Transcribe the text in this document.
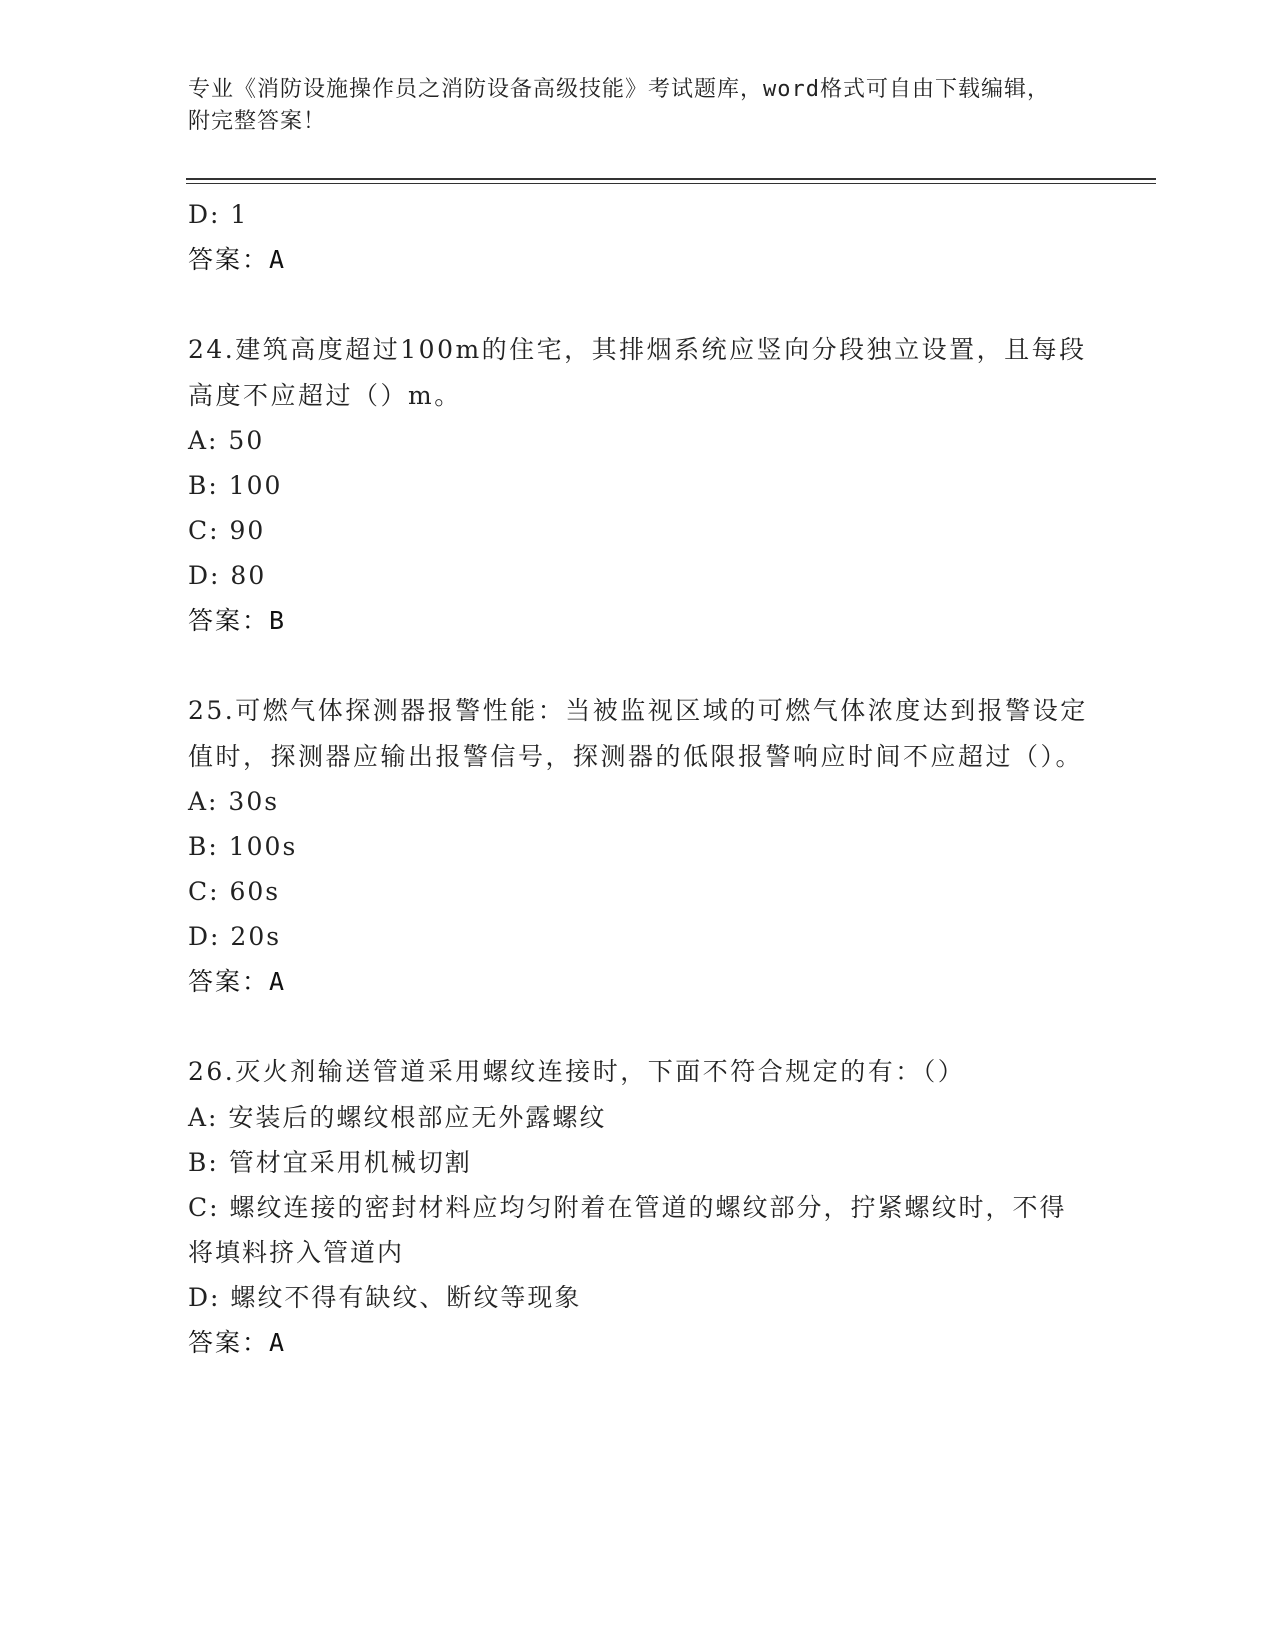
专业《消防设施操作员之消防设备高级技能》考试题库，word格式可自由下载编辑，附完整答案！
D: 1
答案：A
24.建筑高度超过100m的住宅，其排烟系统应竖向分段独立设置，且每段高度不应超过（）m。
A: 50
B: 100
C: 90
D: 80
答案：B
25.可燃气体探测器报警性能：当被监视区域的可燃气体浓度达到报警设定值时，探测器应输出报警信号，探测器的低限报警响应时间不应超过（）。
A: 30s
B: 100s
C: 60s
D: 20s
答案：A
26.灭火剂输送管道采用螺纹连接时，下面不符合规定的有：（）
A: 安装后的螺纹根部应无外露螺纹
B: 管材宜采用机械切割
C: 螺纹连接的密封材料应均匀附着在管道的螺纹部分，拧紧螺纹时，不得将填料挤入管道内
D: 螺纹不得有缺纹、断纹等现象
答案：A
